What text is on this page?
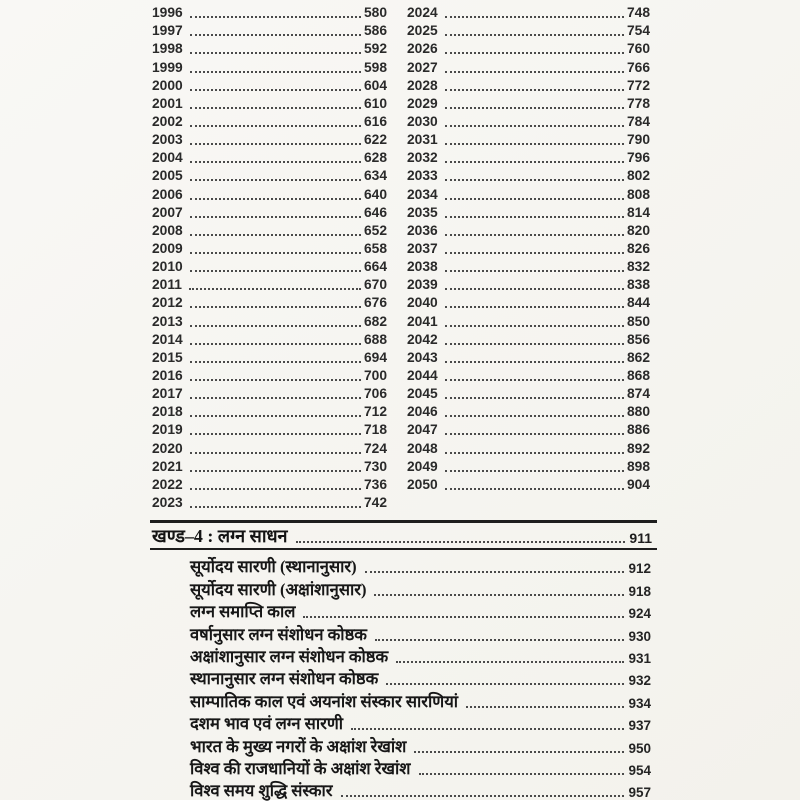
1996	580
1997	586
1998	592
1999	598
2000	604
2001	610
2002	616
2003	622
2004	628
2005	634
2006	640
2007	646
2008	652
2009	658
2010	664
2011	670
2012	676
2013	682
2014	688
2015	694
2016	700
2017	706
2018	712
2019	718
2020	724
2021	730
2022	736
2023	742
2024	748
2025	754
2026	760
2027	766
2028	772
2029	778
2030	784
2031	790
2032	796
2033	802
2034	808
2035	814
2036	820
2037	826
2038	832
2039	838
2040	844
2041	850
2042	856
2043	862
2044	868
2045	874
2046	880
2047	886
2048	892
2049	898
2050	904
खण्ड–4 : लग्न साधन	911
सूर्योदय सारणी (स्थानानुसार)	912
सूर्योदय सारणी (अक्षांशानुसार)	918
लग्न समाप्ति काल	924
वर्षानुसार लग्न संशोधन कोष्ठक	930
अक्षांशानुसार लग्न संशोधन कोष्ठक	931
स्थानानुसार लग्न संशोधन कोष्ठक	932
साम्पातिक काल एवं अयनांश संस्कार सारणियां	934
दशम भाव एवं लग्न सारणी	937
भारत के मुख्य नगरों के अक्षांश रेखांश	950
विश्व की राजधानियों के अक्षांश रेखांश	954
विश्व समय शुद्धि संस्कार	957
